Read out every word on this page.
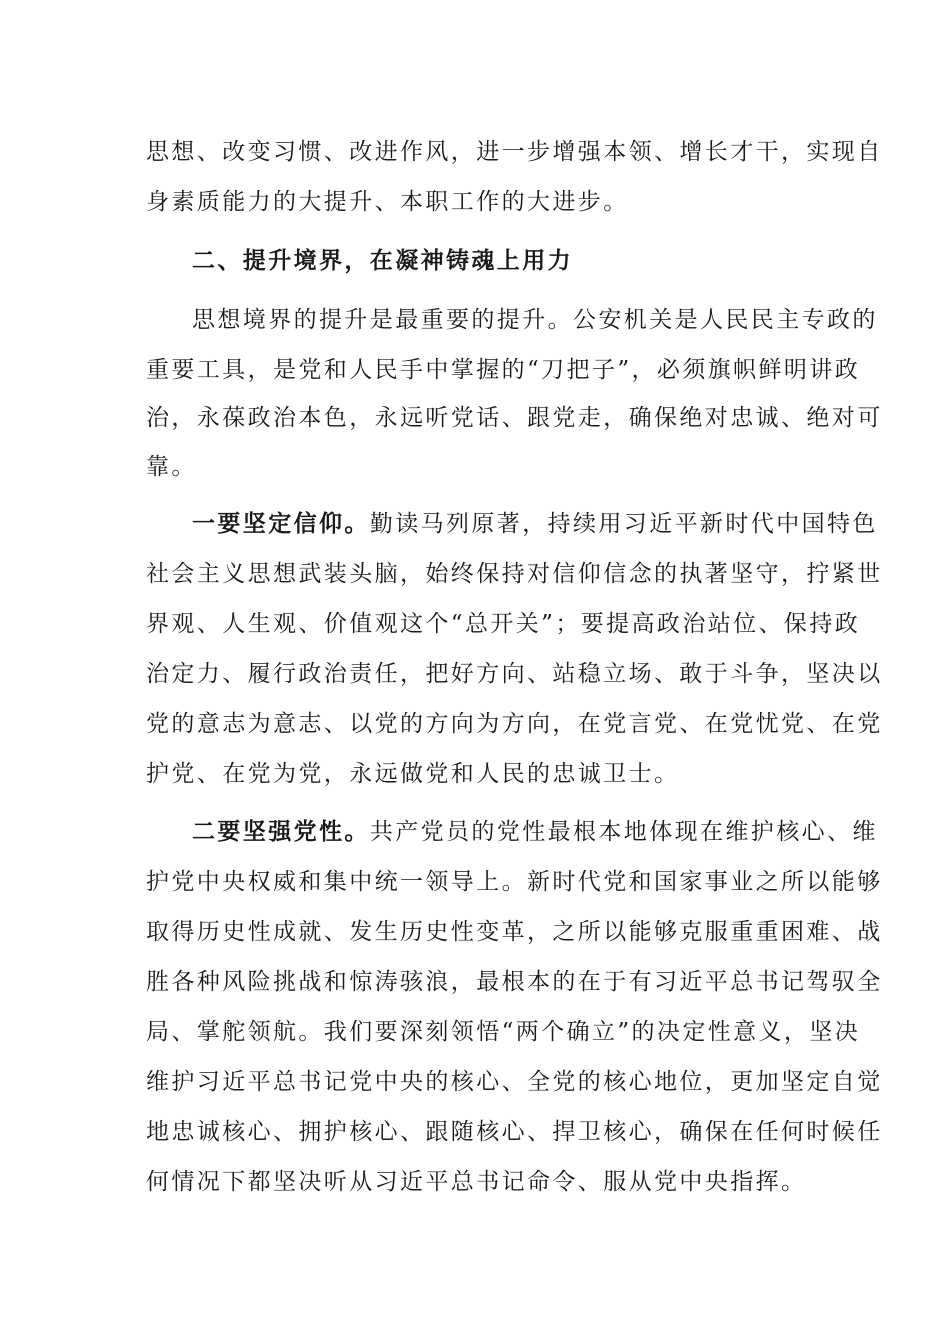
思想、改变习惯、改进作风，进一步增强本领、增长才干，实现自
身素质能力的大提升、本职工作的大进步。
二、提升境界，在凝神铸魂上用力
思想境界的提升是最重要的提升。公安机关是人民民主专政的
重要工具，是党和人民手中掌握的“刀把子”，必须旗帜鲜明讲政
治，永葆政治本色，永远听党话、跟党走，确保绝对忠诚、绝对可
靠。
一要坚定信仰。勤读马列原著，持续用习近平新时代中国特色
社会主义思想武装头脑，始终保持对信仰信念的执著坚守，拧紧世
界观、人生观、价值观这个“总开关”；要提高政治站位、保持政
治定力、履行政治责任，把好方向、站稳立场、敢于斗争，坚决以
党的意志为意志、以党的方向为方向，在党言党、在党忧党、在党
护党、在党为党，永远做党和人民的忠诚卫士。
二要坚强党性。共产党员的党性最根本地体现在维护核心、维
护党中央权威和集中统一领导上。新时代党和国家事业之所以能够
取得历史性成就、发生历史性变革，之所以能够克服重重困难、战
胜各种风险挑战和惊涛骇浪，最根本的在于有习近平总书记驾驭全
局、掌舵领航。我们要深刻领悟“两个确立”的决定性意义，坚决
维护习近平总书记党中央的核心、全党的核心地位，更加坚定自觉
地忠诚核心、拥护核心、跟随核心、捍卫核心，确保在任何时候任
何情况下都坚决听从习近平总书记命令、服从党中央指挥。
